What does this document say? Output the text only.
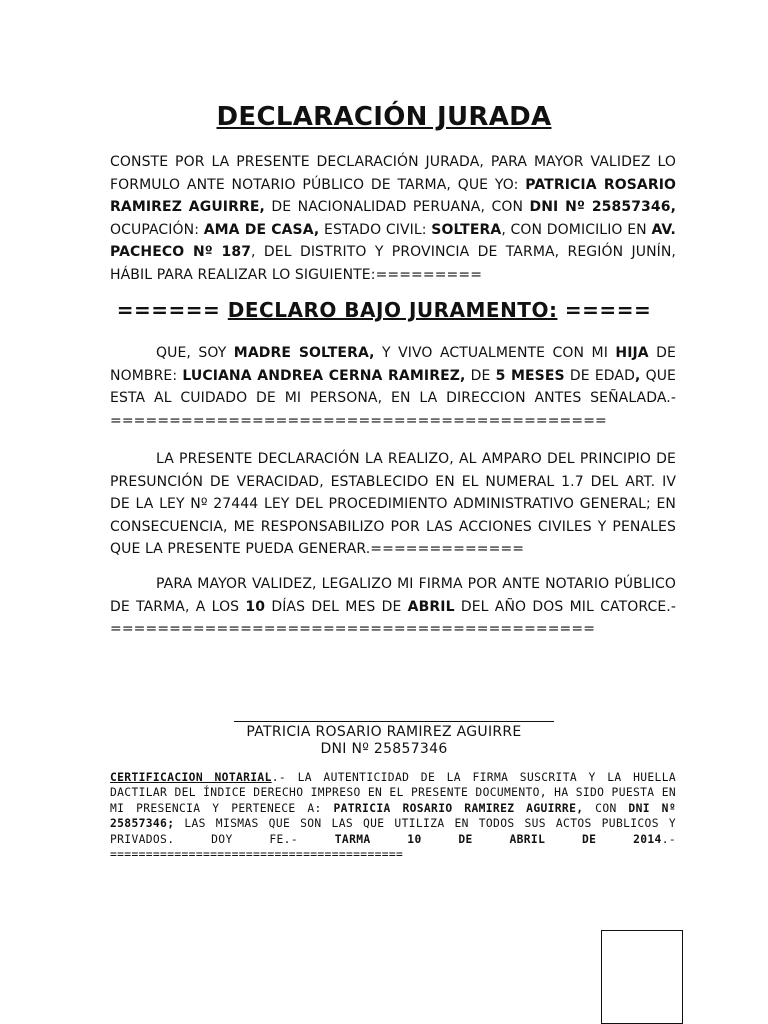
DECLARACIÓN JURADA
CONSTE POR LA PRESENTE DECLARACIÓN JURADA, PARA MAYOR VALIDEZ LO FORMULO ANTE NOTARIO PÚBLICO DE TARMA, QUE YO: PATRICIA ROSARIO RAMIREZ AGUIRRE, DE NACIONALIDAD PERUANA, CON DNI Nº 25857346, OCUPACIÓN: AMA DE CASA, ESTADO CIVIL: SOLTERA, CON DOMICILIO EN AV. PACHECO Nº 187, DEL DISTRITO Y PROVINCIA DE TARMA, REGIÓN JUNÍN, HÁBIL PARA REALIZAR LO SIGUIENTE:=========
====== DECLARO BAJO JURAMENTO: =====
QUE, SOY MADRE SOLTERA, Y VIVO ACTUALMENTE CON MI HIJA DE NOMBRE: LUCIANA ANDREA CERNA RAMIREZ, DE 5 MESES DE EDAD, QUE ESTA AL CUIDADO DE MI PERSONA, EN LA DIRECCION ANTES SEÑALADA.-==========================================
LA PRESENTE DECLARACIÓN LA REALIZO, AL AMPARO DEL PRINCIPIO DE PRESUNCIÓN DE VERACIDAD, ESTABLECIDO EN EL NUMERAL 1.7 DEL ART. IV DE LA LEY Nº 27444 LEY DEL PROCEDIMIENTO ADMINISTRATIVO GENERAL; EN CONSECUENCIA, ME RESPONSABILIZO POR LAS ACCIONES CIVILES Y PENALES QUE LA PRESENTE PUEDA GENERAR.=============
PARA MAYOR VALIDEZ, LEGALIZO MI FIRMA POR ANTE NOTARIO PÚBLICO DE TARMA, A LOS 10 DÍAS DEL MES DE ABRIL DEL AÑO DOS MIL CATORCE.-=========================================
PATRICIA ROSARIO RAMIREZ AGUIRRE
DNI Nº 25857346
CERTIFICACION NOTARIAL.- LA AUTENTICIDAD DE LA FIRMA SUSCRITA Y LA HUELLA DACTILAR DEL ÍNDICE DERECHO IMPRESO EN EL PRESENTE DOCUMENTO, HA SIDO PUESTA EN MI PRESENCIA Y PERTENECE A: PATRICIA ROSARIO RAMIREZ AGUIRRE, CON DNI Nº 25857346; LAS MISMAS QUE SON LAS QUE UTILIZA EN TODOS SUS ACTOS PUBLICOS Y PRIVADOS. DOY FE.- TARMA 10 DE ABRIL DE 2014.-=========================================
